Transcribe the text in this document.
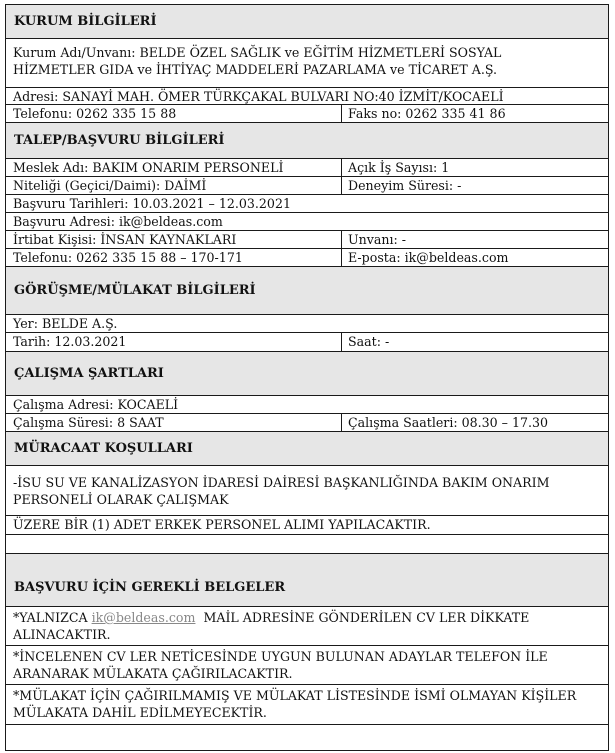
KURUM BİLGİLERİ
Kurum Adı/Unvanı: BELDE ÖZEL SAĞLIK ve EĞİTİM HİZMETLERİ SOSYAL
HİZMETLER GIDA ve İHTİYAÇ MADDELERİ PAZARLAMA ve TİCARET A.Ş.
Adresi: SANAYİ MAH. ÖMER TÜRKÇAKAL BULVARI NO:40 İZMİT/KOCAELİ
Telefonu: 0262 335 15 88	Faks no: 0262 335 41 86
TALEP/BAŞVURU BİLGİLERİ
Meslek Adı: BAKIM ONARIM PERSONELİ	Açık İş Sayısı: 1
Niteliği (Geçici/Daimi): DAİMİ	Deneyim Süresi: -
Başvuru Tarihleri: 10.03.2021 – 12.03.2021
Başvuru Adresi: ik@beldeas.com
İrtibat Kişisi: İNSAN KAYNAKLARI	Unvanı: -
Telefonu: 0262 335 15 88 – 170-171	E-posta: ik@beldeas.com
GÖRÜŞME/MÜLAKAT BİLGİLERİ
Yer: BELDE A.Ş.
Tarih: 12.03.2021	Saat: -
ÇALIŞMA ŞARTLARI
Çalışma Adresi: KOCAELİ
Çalışma Süresi: 8 SAAT	Çalışma Saatleri: 08.30 – 17.30
MÜRACAAT KOŞULLARI
-İSU SU VE KANALİZASYON İDARESİ DAİRESİ BAŞKANLIĞINDA BAKIM ONARIM
PERSONELİ OLARAK ÇALIŞMAK
ÜZERE BİR (1) ADET ERKEK PERSONEL ALIMI YAPILACAKTIR.
BAŞVURU İÇİN GEREKLİ BELGELER
*YALNIZCA ik@beldeas.com  MAİL ADRESİNE GÖNDERİLEN CV LER DİKKATE
ALINACAKTIR.
*İNCELENEN CV LER NETİCESİNDE UYGUN BULUNAN ADAYLAR TELEFON İLE
ARANARAK MÜLAKATA ÇAĞIRILACAKTIR.
*MÜLAKAT İÇİN ÇAĞIRILMAMIŞ VE MÜLAKAT LİSTESİNDE İSMİ OLMAYAN KİŞİLER
MÜLAKATA DAHİL EDİLMEYECEKTİR.
